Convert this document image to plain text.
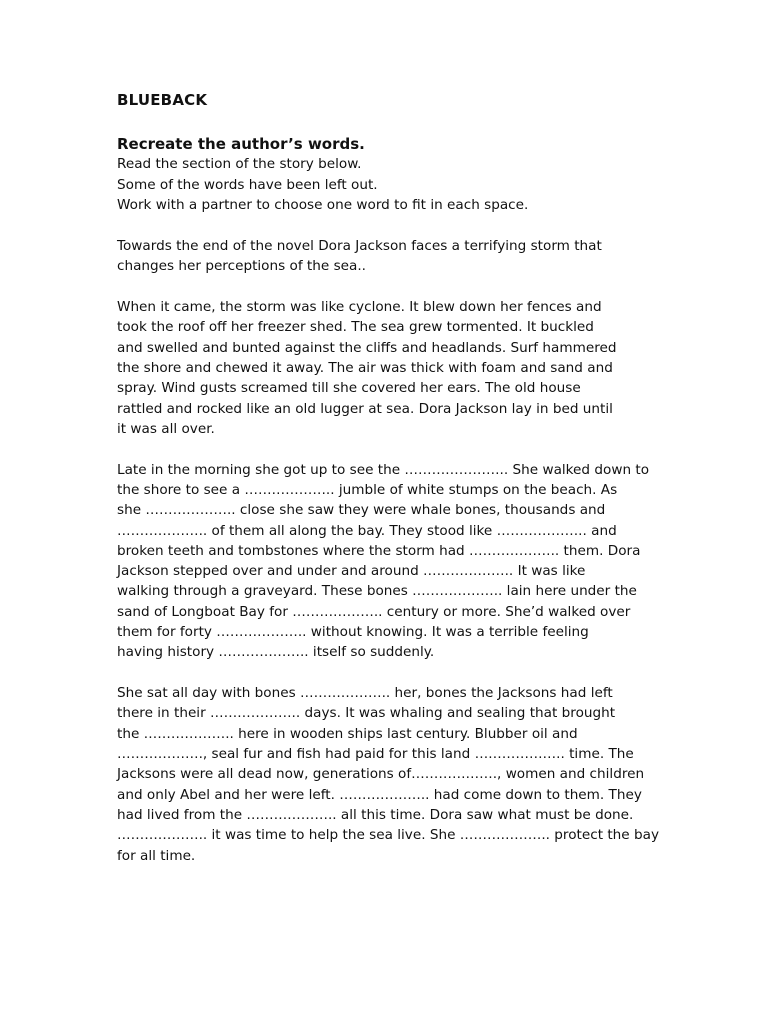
BLUEBACK
Recreate the author’s words.
Read the section of the story below.
Some of the words have been left out.
Work with a partner to choose one word to fit in each space.

Towards the end of the novel Dora Jackson faces a terrifying storm that
changes her perceptions of the sea..

When it came, the storm was like cyclone. It blew down her fences and
took the roof off her freezer shed. The sea grew tormented. It buckled
and swelled and bunted against the cliffs and headlands. Surf hammered
the shore and chewed it away. The air was thick with foam and sand and
spray. Wind gusts screamed till she covered her ears. The old house
rattled and rocked like an old lugger at sea. Dora Jackson lay in bed until
it was all over.

Late in the morning she got up to see the ………………….. She walked down to
the shore to see a ……………….. jumble of white stumps on the beach. As
she ……………….. close she saw they were whale bones, thousands and
……………….. of them all along the bay. They stood like ……………….. and
broken teeth and tombstones where the storm had ……………….. them. Dora
Jackson stepped over and under and around ……………….. It was like
walking through a graveyard. These bones ……………….. lain here under the
sand of Longboat Bay for ……………….. century or more. She’d walked over
them for forty ……………….. without knowing. It was a terrible feeling
having history ……………….. itself so suddenly.

She sat all day with bones ……………….. her, bones the Jacksons had left
there in their ……………….. days. It was whaling and sealing that brought
the ……………….. here in wooden ships last century. Blubber oil and
………………., seal fur and fish had paid for this land ……………….. time. The
Jacksons were all dead now, generations of………………., women and children
and only Abel and her were left. ……………….. had come down to them. They
had lived from the ……………….. all this time. Dora saw what must be done.
……………….. it was time to help the sea live. She ……………….. protect the bay
for all time.
